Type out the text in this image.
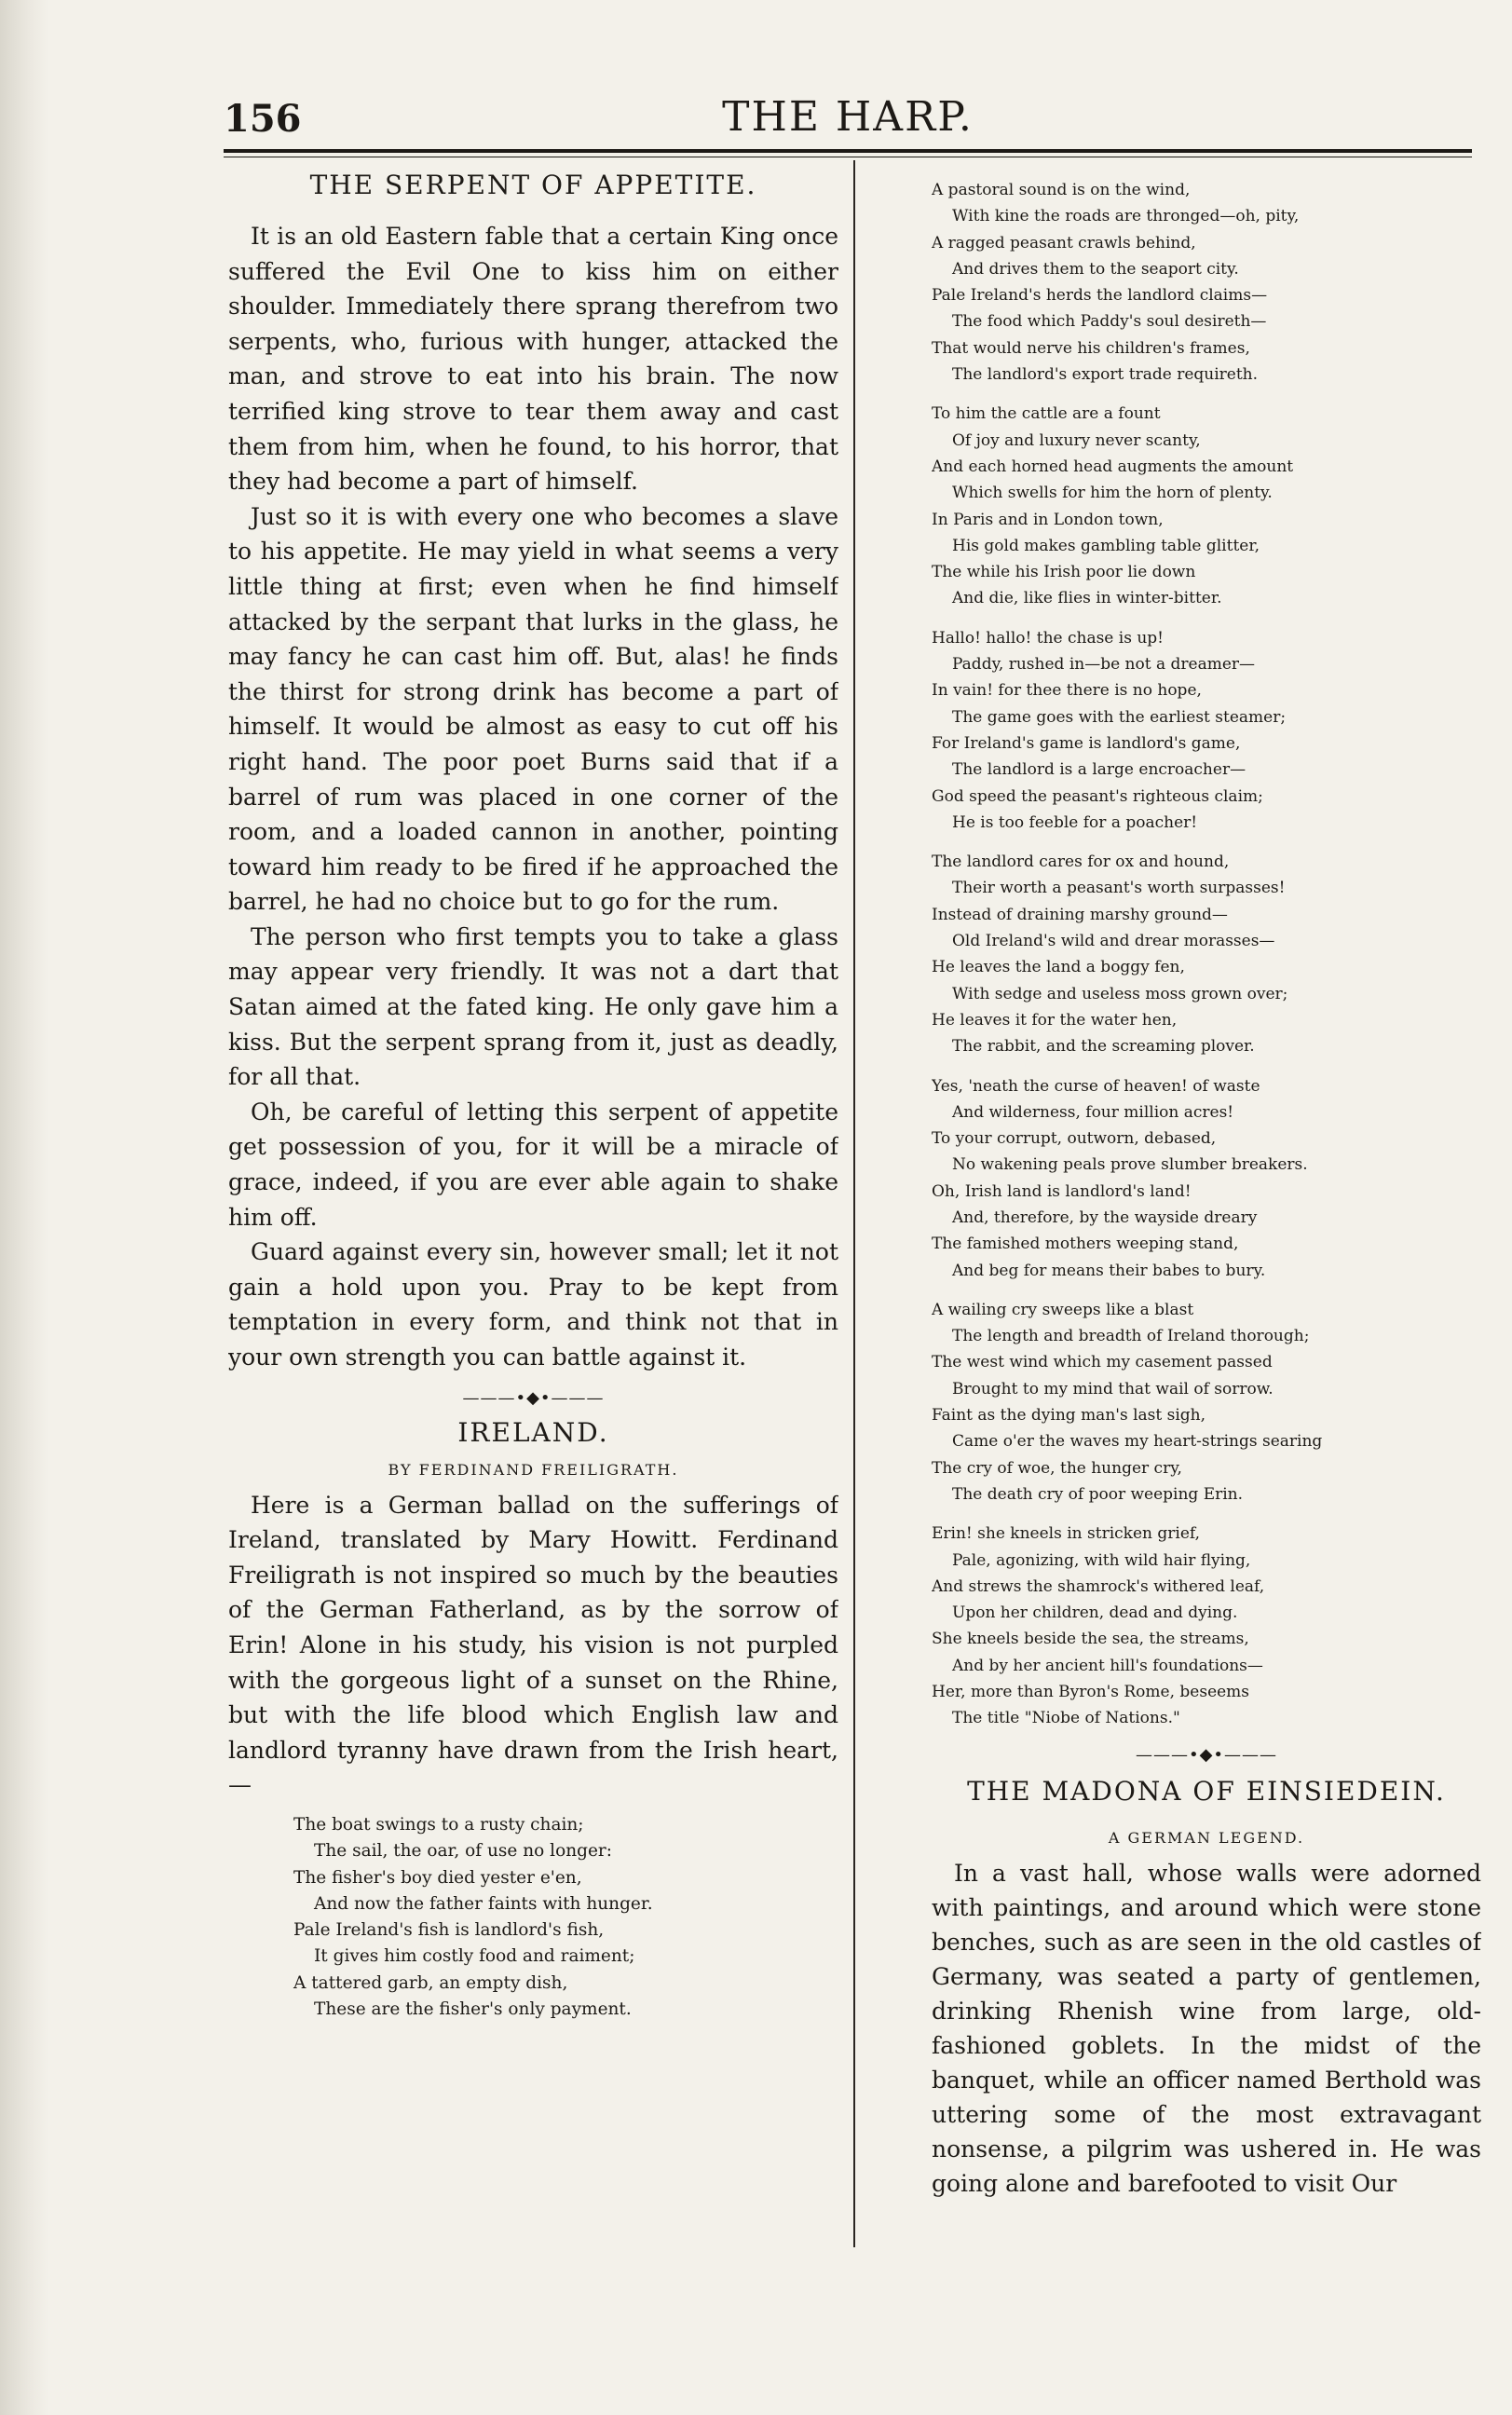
156	THE HARP.
THE SERPENT OF APPETITE.

It is an old Eastern fable that a certain King once suffered the Evil One to kiss him on either shoulder. Immediately there sprang therefrom two serpents, who, furious with hunger, attacked the man, and strove to eat into his brain. The now terrified king strove to tear them away and cast them from him, when he found, to his horror, that they had become a part of himself.

Just so it is with every one who becomes a slave to his appetite. He may yield in what seems a very little thing at first; even when he find himself attacked by the serpant that lurks in the glass, he may fancy he can cast him off. But, alas! he finds the thirst for strong drink has become a part of himself. It would be almost as easy to cut off his right hand. The poor poet Burns said that if a barrel of rum was placed in one corner of the room, and a loaded cannon in another, pointing toward him ready to be fired if he approached the barrel, he had no choice but to go for the rum.

The person who first tempts you to take a glass may appear very friendly. It was not a dart that Satan aimed at the fated king. He only gave him a kiss. But the serpent sprang from it, just as deadly, for all that.

Oh, be careful of letting this serpent of appetite get possession of you, for it will be a miracle of grace, indeed, if you are ever able again to shake him off.

Guard against every sin, however small; let it not gain a hold upon you. Pray to be kept from temptation in every form, and think not that in your own strength you can battle against it.

———•◆•———
IRELAND.
BY FERDINAND FREILIGRATH.

Here is a German ballad on the sufferings of Ireland, translated by Mary Howitt. Ferdinand Freiligrath is not inspired so much by the beauties of the German Fatherland, as by the sorrow of Erin! Alone in his study, his vision is not purpled with the gorgeous light of a sunset on the Rhine, but with the life blood which English law and landlord tyranny have drawn from the Irish heart,—

The boat swings to a rusty chain;
The sail, the oar, of use no longer:
The fisher's boy died yester e'en,
And now the father faints with hunger.
Pale Ireland's fish is landlord's fish,
It gives him costly food and raiment;
A tattered garb, an empty dish,
These are the fisher's only payment.
A pastoral sound is on the wind,
With kine the roads are thronged—oh, pity,
A ragged peasant crawls behind,
And drives them to the seaport city.
Pale Ireland's herds the landlord claims—
The food which Paddy's soul desireth—
That would nerve his children's frames,
The landlord's export trade requireth.
To him the cattle are a fount
Of joy and luxury never scanty,
And each horned head augments the amount
Which swells for him the horn of plenty.
In Paris and in London town,
His gold makes gambling table glitter,
The while his Irish poor lie down
And die, like flies in winter-bitter.
Hallo! hallo! the chase is up!
Paddy, rushed in—be not a dreamer—
In vain! for thee there is no hope,
The game goes with the earliest steamer;
For Ireland's game is landlord's game,
The landlord is a large encroacher—
God speed the peasant's righteous claim;
He is too feeble for a poacher!
The landlord cares for ox and hound,
Their worth a peasant's worth surpasses!
Instead of draining marshy ground—
Old Ireland's wild and drear morasses—
He leaves the land a boggy fen,
With sedge and useless moss grown over;
He leaves it for the water hen,
The rabbit, and the screaming plover.
Yes, 'neath the curse of heaven! of waste
And wilderness, four million acres!
To your corrupt, outworn, debased,
No wakening peals prove slumber breakers.
Oh, Irish land is landlord's land!
And, therefore, by the wayside dreary
The famished mothers weeping stand,
And beg for means their babes to bury.
A wailing cry sweeps like a blast
The length and breadth of Ireland thorough;
The west wind which my casement passed
Brought to my mind that wail of sorrow.
Faint as the dying man's last sigh,
Came o'er the waves my heart-strings searing
The cry of woe, the hunger cry,
The death cry of poor weeping Erin.
Erin! she kneels in stricken grief,
Pale, agonizing, with wild hair flying,
And strews the shamrock's withered leaf,
Upon her children, dead and dying.
She kneels beside the sea, the streams,
And by her ancient hill's foundations—
Her, more than Byron's Rome, beseems
The title "Niobe of Nations."
———•◆•———
THE MADONA OF EINSIEDEIN.
A GERMAN LEGEND.

In a vast hall, whose walls were adorned with paintings, and around which were stone benches, such as are seen in the old castles of Germany, was seated a party of gentlemen, drinking Rhenish wine from large, old-fashioned goblets. In the midst of the banquet, while an officer named Berthold was uttering some of the most extravagant nonsense, a pilgrim was ushered in. He was going alone and barefooted to visit Our
